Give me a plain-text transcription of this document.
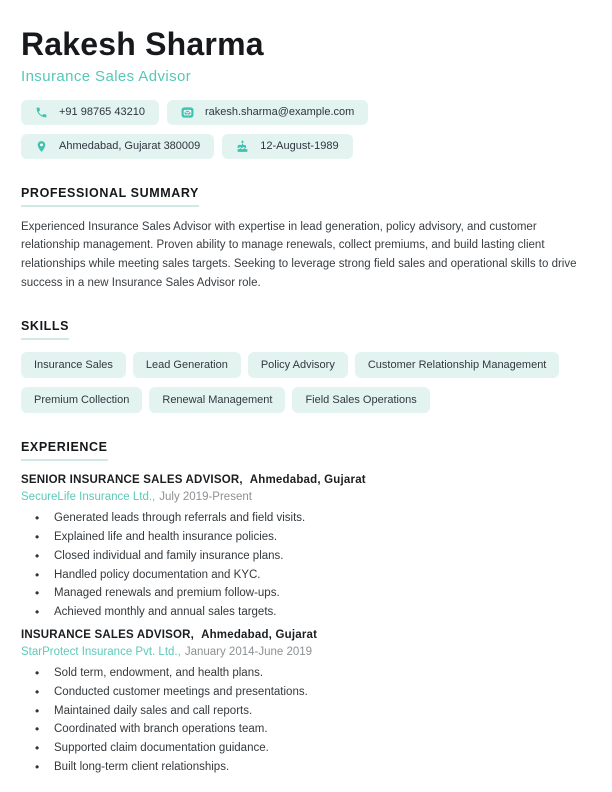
Rakesh Sharma
Insurance Sales Advisor
+91 98765 43210	rakesh.sharma@example.com
Ahmedabad, Gujarat 380009	12-August-1989
PROFESSIONAL SUMMARY

Experienced Insurance Sales Advisor with expertise in lead generation, policy advisory, and customer relationship management. Proven ability to manage renewals, collect premiums, and build lasting client relationships while meeting sales targets. Seeking to leverage strong field sales and operational skills to drive success in a new Insurance Sales Advisor role.

SKILLS
Insurance Sales	Lead Generation	Policy Advisory	Customer Relationship Management
Premium Collection	Renewal Management	Field Sales Operations
EXPERIENCE
SENIOR INSURANCE SALES ADVISOR, Ahmedabad, Gujarat
SecureLife Insurance Ltd., July 2019-Present
• Generated leads through referrals and field visits.
• Explained life and health insurance policies.
• Closed individual and family insurance plans.
• Handled policy documentation and KYC.
• Managed renewals and premium follow-ups.
• Achieved monthly and annual sales targets.
INSURANCE SALES ADVISOR, Ahmedabad, Gujarat
StarProtect Insurance Pvt. Ltd., January 2014-June 2019
• Sold term, endowment, and health plans.
• Conducted customer meetings and presentations.
• Maintained daily sales and call reports.
• Coordinated with branch operations team.
• Supported claim documentation guidance.
• Built long-term client relationships.
